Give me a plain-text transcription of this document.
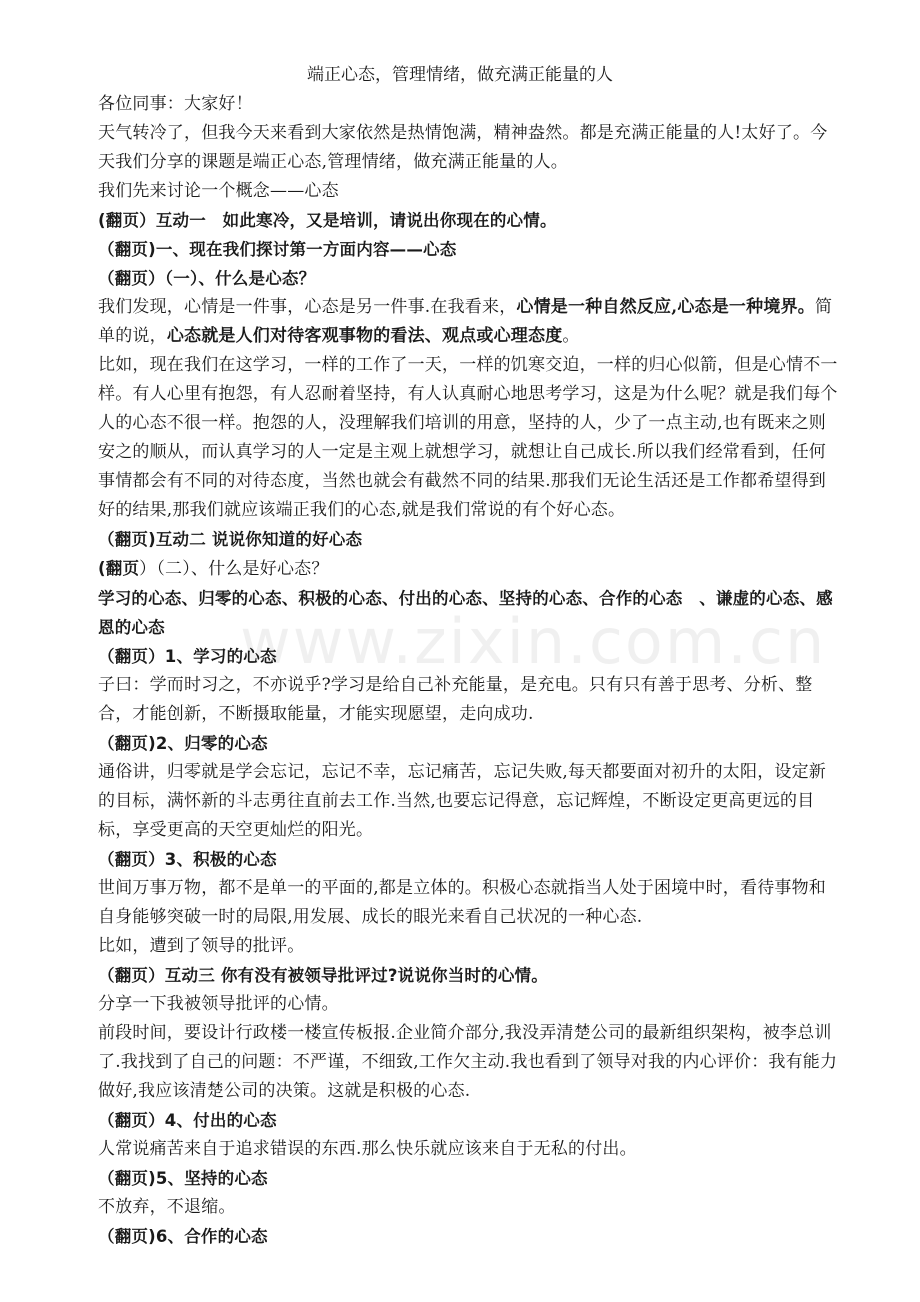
端正心态，管理情绪，做充满正能量的人
www.zixin.com.cn

各位同事：大家好！

天气转冷了，但我今天来看到大家依然是热情饱满，精神盎然。都是充满正能量的人!太好了。今天我们分享的课题是端正心态,管理情绪，做充满正能量的人。

我们先来讨论一个概念——心态

(翻页）互动一　如此寒冷，又是培训，请说出你现在的心情。

（翻页)一、现在我们探讨第一方面内容——心态

（翻页）（一）、什么是心态？

我们发现，心情是一件事，心态是另一件事.在我看来，心情是一种自然反应,心态是一种境界。简单的说，心态就是人们对待客观事物的看法、观点或心理态度。

比如，现在我们在这学习，一样的工作了一天，一样的饥寒交迫，一样的归心似箭，但是心情不一样。有人心里有抱怨，有人忍耐着坚持，有人认真耐心地思考学习，这是为什么呢？就是我们每个人的心态不很一样。抱怨的人，没理解我们培训的用意，坚持的人，少了一点主动,也有既来之则安之的顺从，而认真学习的人一定是主观上就想学习，就想让自己成长.所以我们经常看到，任何事情都会有不同的对待态度，当然也就会有截然不同的结果.那我们无论生活还是工作都希望得到好的结果,那我们就应该端正我们的心态,就是我们常说的有个好心态。

（翻页)互动二 说说你知道的好心态

(翻页）（二）、什么是好心态？

学习的心态、归零的心态、积极的心态、付出的心态、坚持的心态、合作的心态　、谦虚的心态、感恩的心态

（翻页）1、学习的心态

子曰：学而时习之，不亦说乎?学习是给自己补充能量，是充电。只有只有善于思考、分析、整合，才能创新，不断摄取能量，才能实现愿望，走向成功.

（翻页)2、归零的心态

通俗讲，归零就是学会忘记，忘记不幸，忘记痛苦，忘记失败,每天都要面对初升的太阳，设定新的目标，满怀新的斗志勇往直前去工作.当然,也要忘记得意，忘记辉煌，不断设定更高更远的目标，享受更高的天空更灿烂的阳光。

（翻页）3、积极的心态

世间万事万物，都不是单一的平面的,都是立体的。积极心态就指当人处于困境中时，看待事物和自身能够突破一时的局限,用发展、成长的眼光来看自己状况的一种心态.

比如，遭到了领导的批评。

（翻页）互动三 你有没有被领导批评过?说说你当时的心情。

分享一下我被领导批评的心情。

前段时间，要设计行政楼一楼宣传板报.企业简介部分,我没弄清楚公司的最新组织架构，被李总训了.我找到了自己的问题：不严谨，不细致,工作欠主动.我也看到了领导对我的内心评价：我有能力做好,我应该清楚公司的决策。这就是积极的心态.

（翻页）4、付出的心态

人常说痛苦来自于追求错误的东西.那么快乐就应该来自于无私的付出。

（翻页)5、坚持的心态

不放弃，不退缩。

（翻页)6、合作的心态
